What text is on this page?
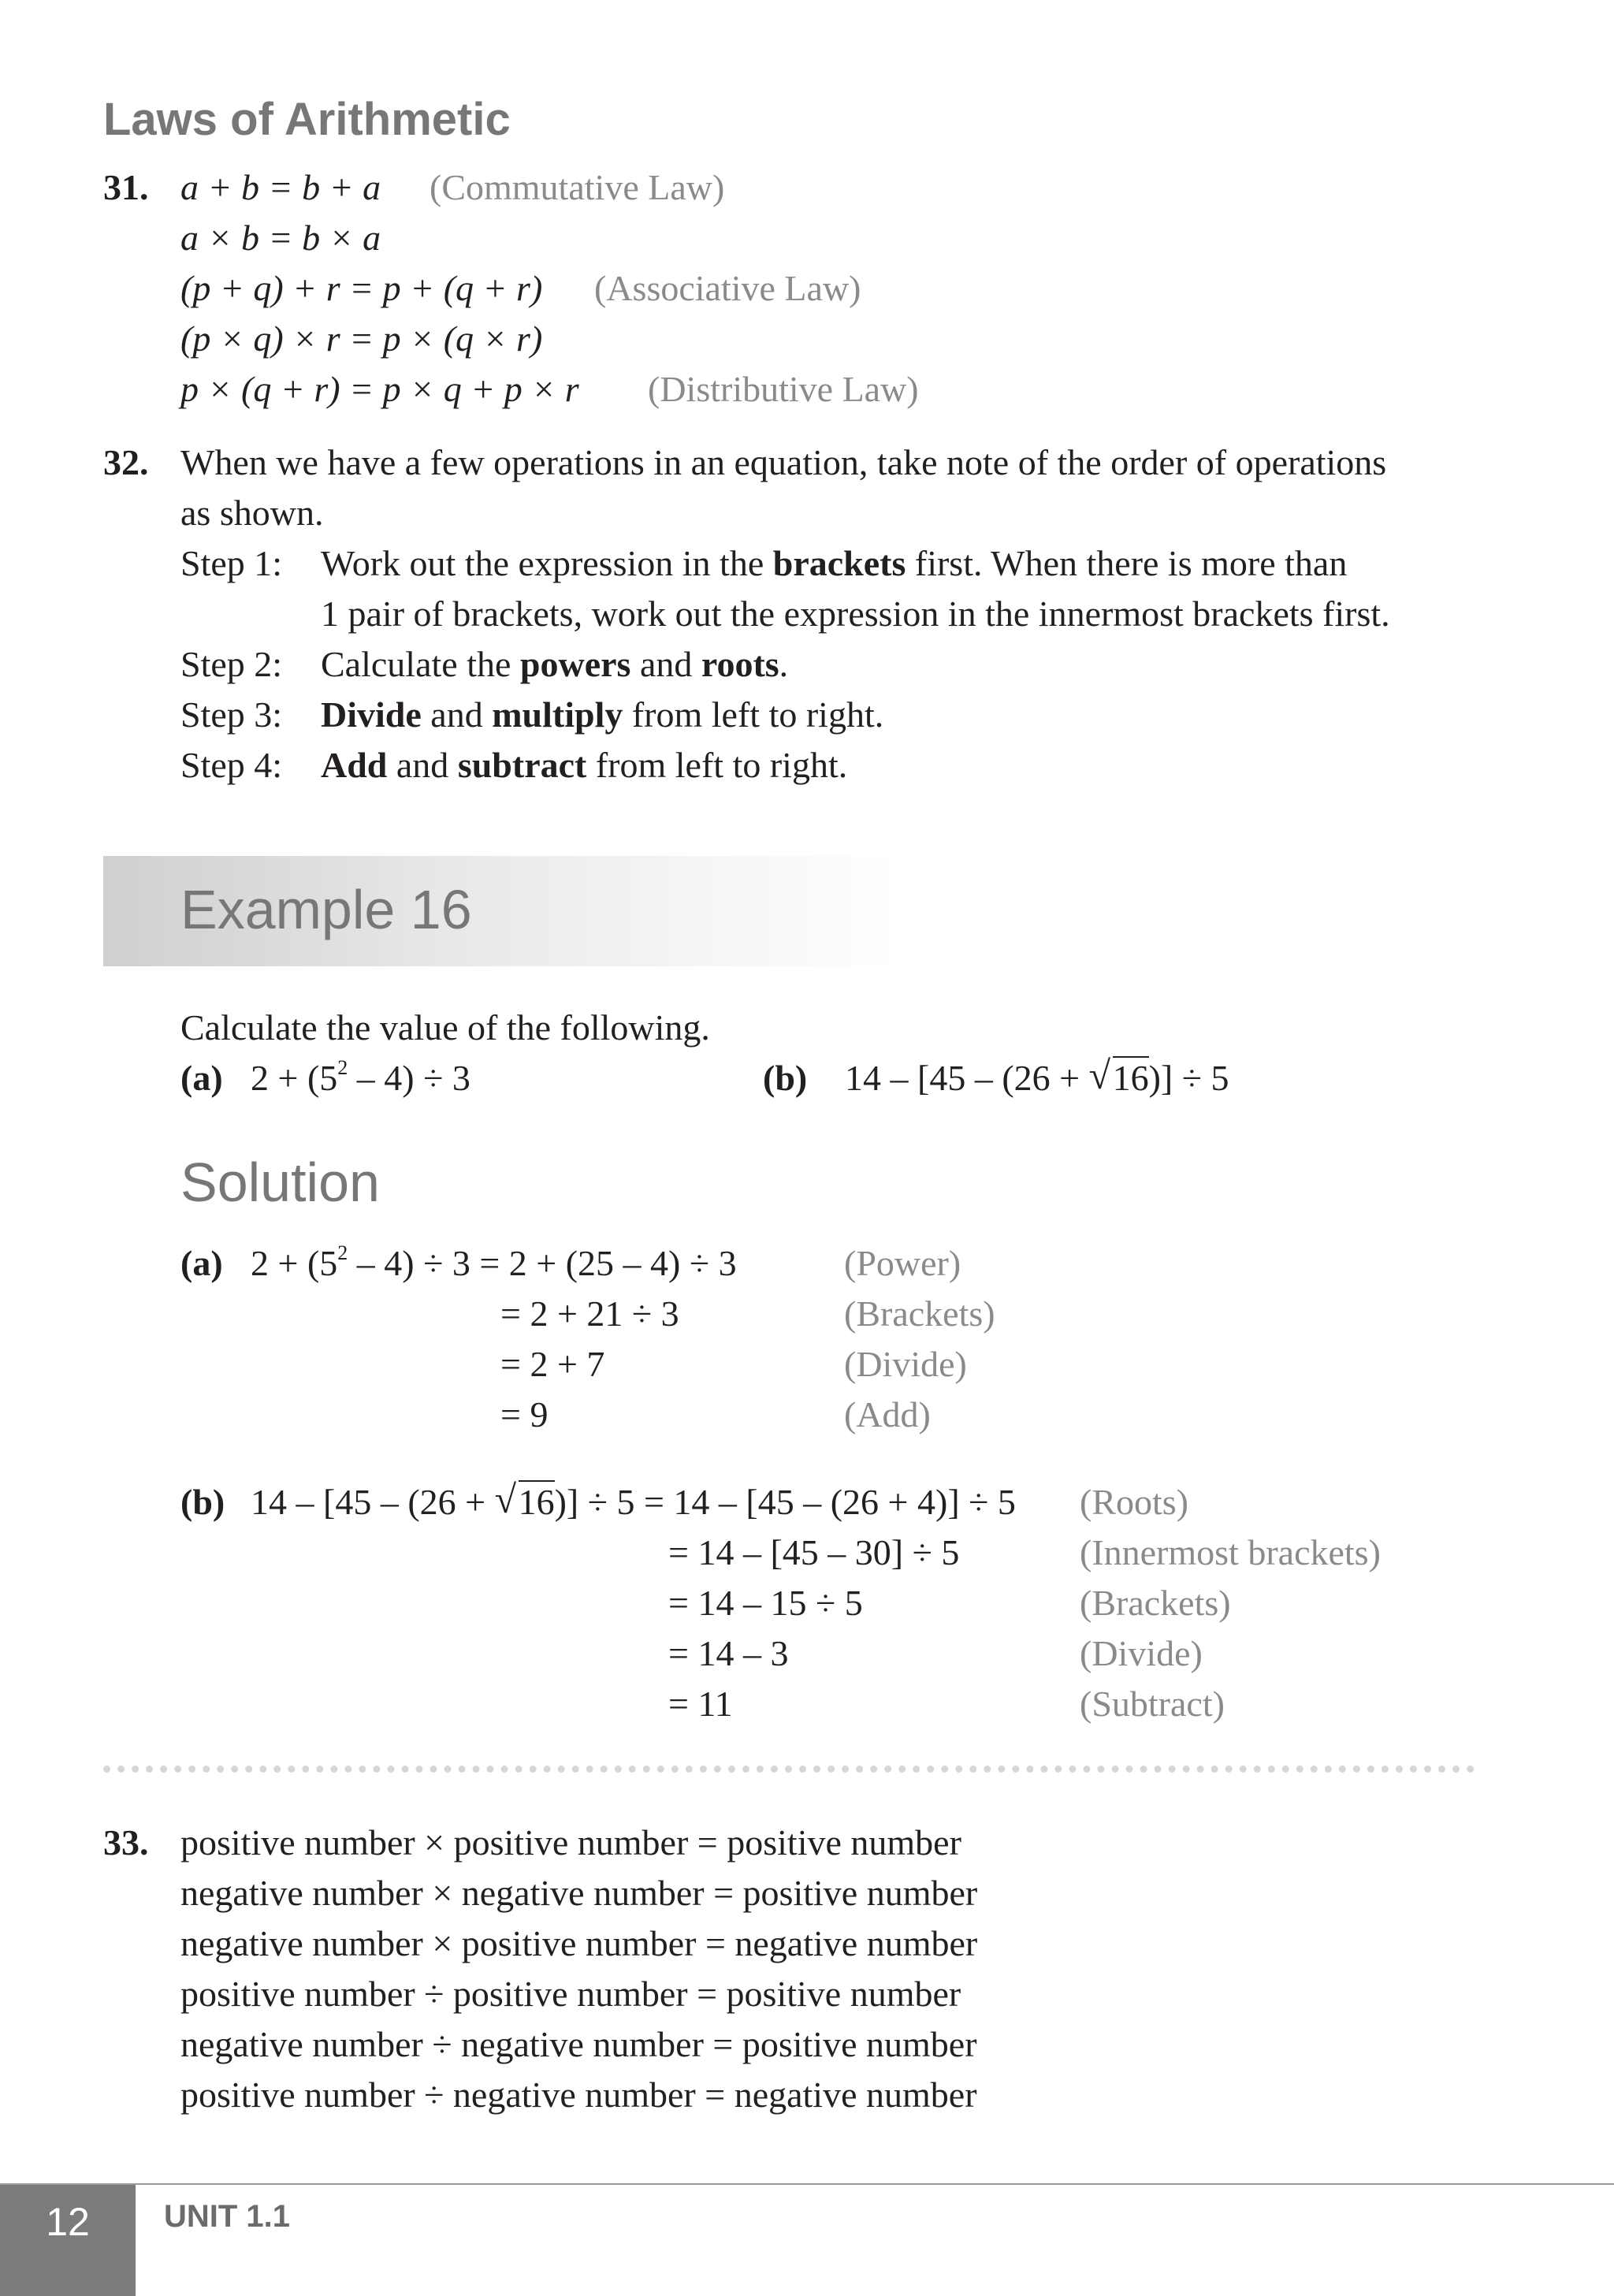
Laws of Arithmetic
31. a + b = b + a (Commutative Law)
a × b = b × a
(p + q) + r = p + (q + r) (Associative Law)
(p × q) × r = p × (q × r)
p × (q + r) = p × q + p × r (Distributive Law)
32. When we have a few operations in an equation, take note of the order of operations
as shown.
Step 1: Work out the expression in the brackets first. When there is more than
1 pair of brackets, work out the expression in the innermost brackets first.
Step 2: Calculate the powers and roots.
Step 3: Divide and multiply from left to right.
Step 4: Add and subtract from left to right.
Example 16
Calculate the value of the following.
(a) $2 + (5^2 - 4) \div 3$	(b) 14 – [45 – (26 + √ 16)] ÷ 5
Solution
(a) $2 + (5^2 - 4) \div 3 = 2 + (25 - 4) \div 3$	(Power)
= 2 + 21 ÷ 3	(Brackets)
= 2 + 7	(Divide)
= 9	(Add)
(b) 14 – [45 – (26 + √ 16)] ÷ 5 = 14 – [45 – (26 + 4)] ÷ 5 (Roots)
= 14 – [45 – 30] ÷ 5	(Innermost brackets)
= 14 – 15 ÷ 5	(Brackets)
= 14 – 3	(Divide)
= 11	(Subtract)
33. positive number × positive number = positive number
negative number × negative number = positive number
negative number × positive number = negative number
positive number ÷ positive number = positive number
negative number ÷ negative number = positive number
positive number ÷ negative number = negative number
12	UNIT 1.1
